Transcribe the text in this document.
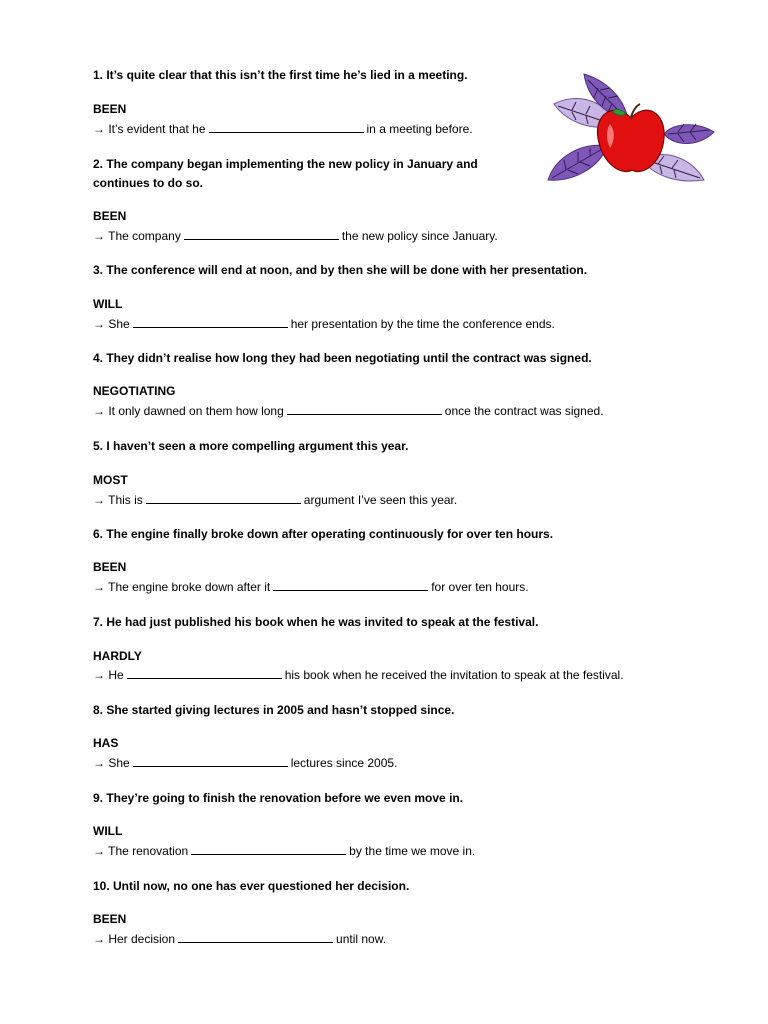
1. It’s quite clear that this isn’t the first time he’s lied in a meeting.

BEEN

→ It’s evident that he	in a meeting before.

2. The company began implementing the new policy in January and

continues to do so.

BEEN

→ The company	the new policy since January.

3. The conference will end at noon, and by then she will be done with her presentation.

WILL

→ She	her presentation by the time the conference ends.

4. They didn’t realise how long they had been negotiating until the contract was signed.

NEGOTIATING

→ It only dawned on them how long	once the contract was signed.

5. I haven’t seen a more compelling argument this year.

MOST

→ This is	argument I’ve seen this year.

6. The engine finally broke down after operating continuously for over ten hours.

BEEN

→ The engine broke down after it	for over ten hours.

7. He had just published his book when he was invited to speak at the festival.

HARDLY

→ He	his book when he received the invitation to speak at the festival.

8. She started giving lectures in 2005 and hasn’t stopped since.

HAS

→ She	lectures since 2005.

9. They’re going to finish the renovation before we even move in.

WILL

→ The renovation	by the time we move in.

10. Until now, no one has ever questioned her decision.

BEEN

→ Her decision	until now.
